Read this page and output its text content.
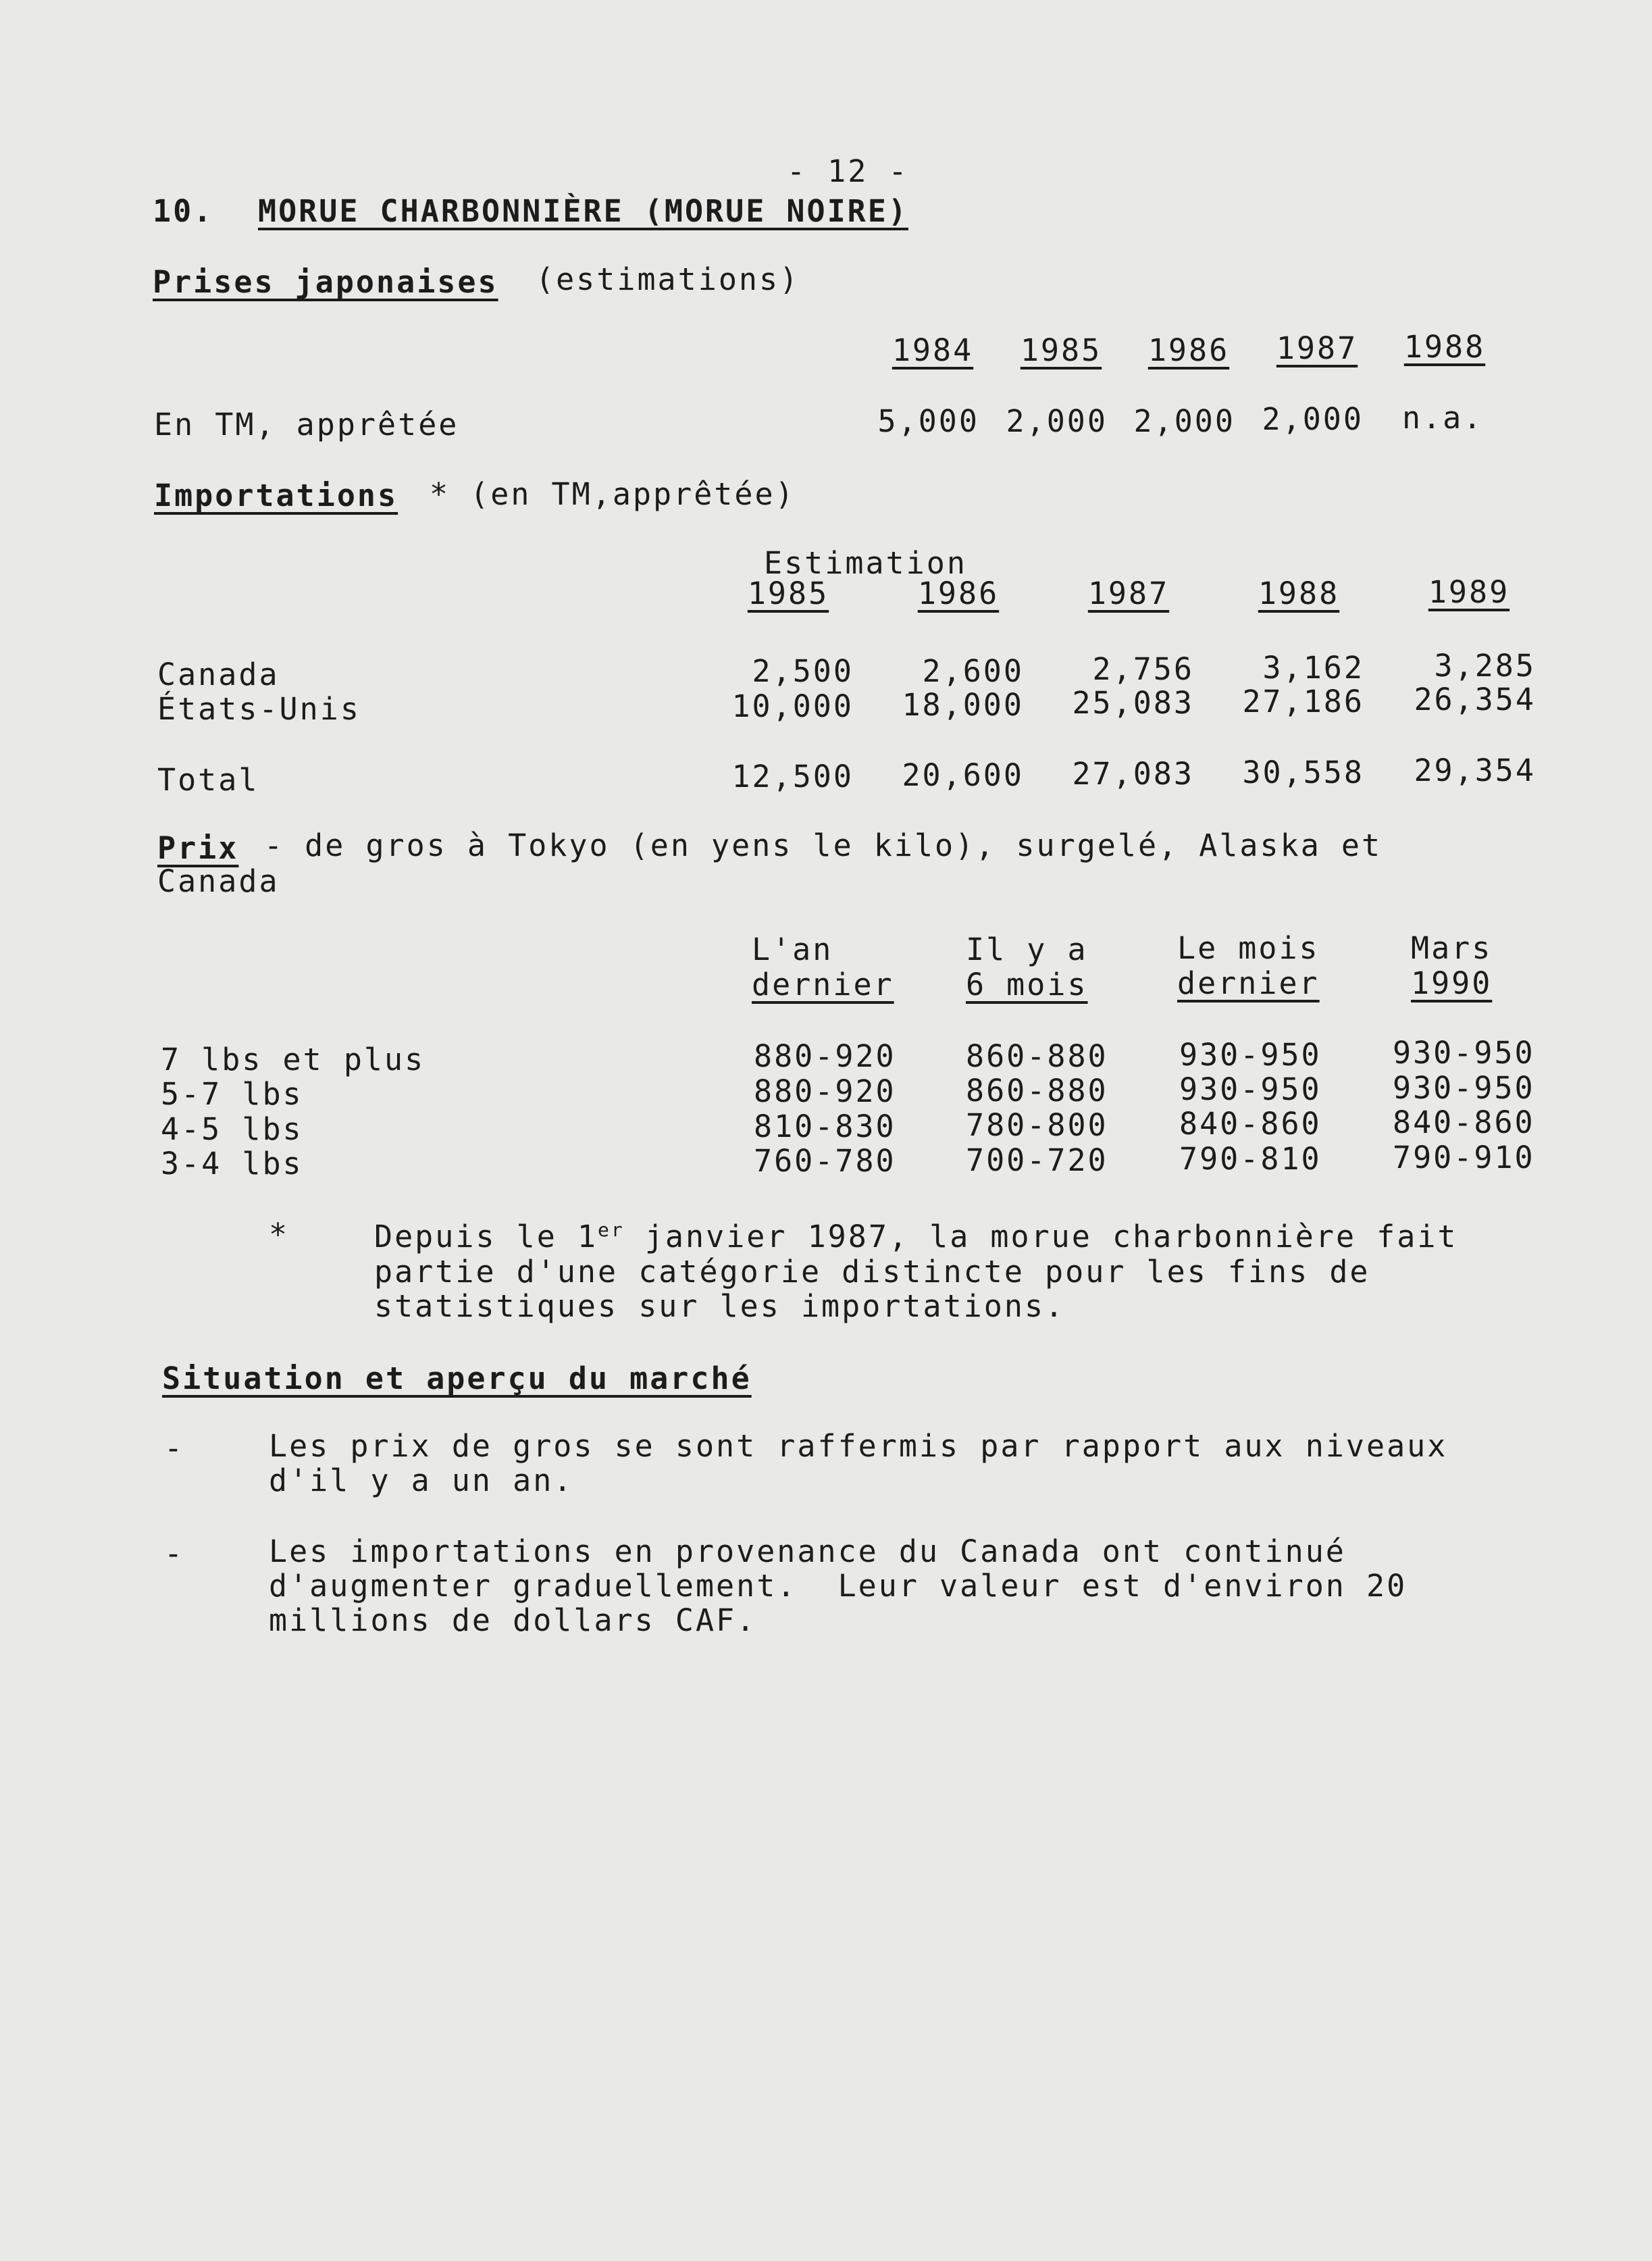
- 12 -
10. MORUE CHARBONNIÈRE (MORUE NOIRE)
Prises japonaises (estimations)
1984 1985 1986 1987 1988
En TM, apprêtée	5,000 2,000 2,000 2,000 n.a.
Importations * (en TM,apprêtée)
Estimation
1985	1986	1987	1988	1989
Canada	2,500	2,600	2,756	3,162	3,285
États-Unis	10,000	18,000	25,083	27,186	26,354
Total	12,500	20,600	27,083	30,558	29,354
Prix - de gros à Tokyo (en yens le kilo), surgelé, Alaska et
Canada
L'an
dernier
Il y a
6 mois
Le mois
dernier
Mars
1990
7 lbs et plus	880-920 860-880 930-950 930-950
5-7 lbs	880-920 860-880 930-950 930-950
4-5 lbs	810-830 780-800 840-860 840-860
3-4 lbs	760-780 700-720 790-810 790-910
*	Depuis le 1er janvier 1987, la morue charbonnière fait
partie d'une catégorie distincte pour les fins de
statistiques sur les importations.
Situation et aperçu du marché
-	Les prix de gros se sont raffermis par rapport aux niveaux
d'il y a un an.
-	Les importations en provenance du Canada ont continué
d'augmenter graduellement.  Leur valeur est d'environ 20
millions de dollars CAF.
